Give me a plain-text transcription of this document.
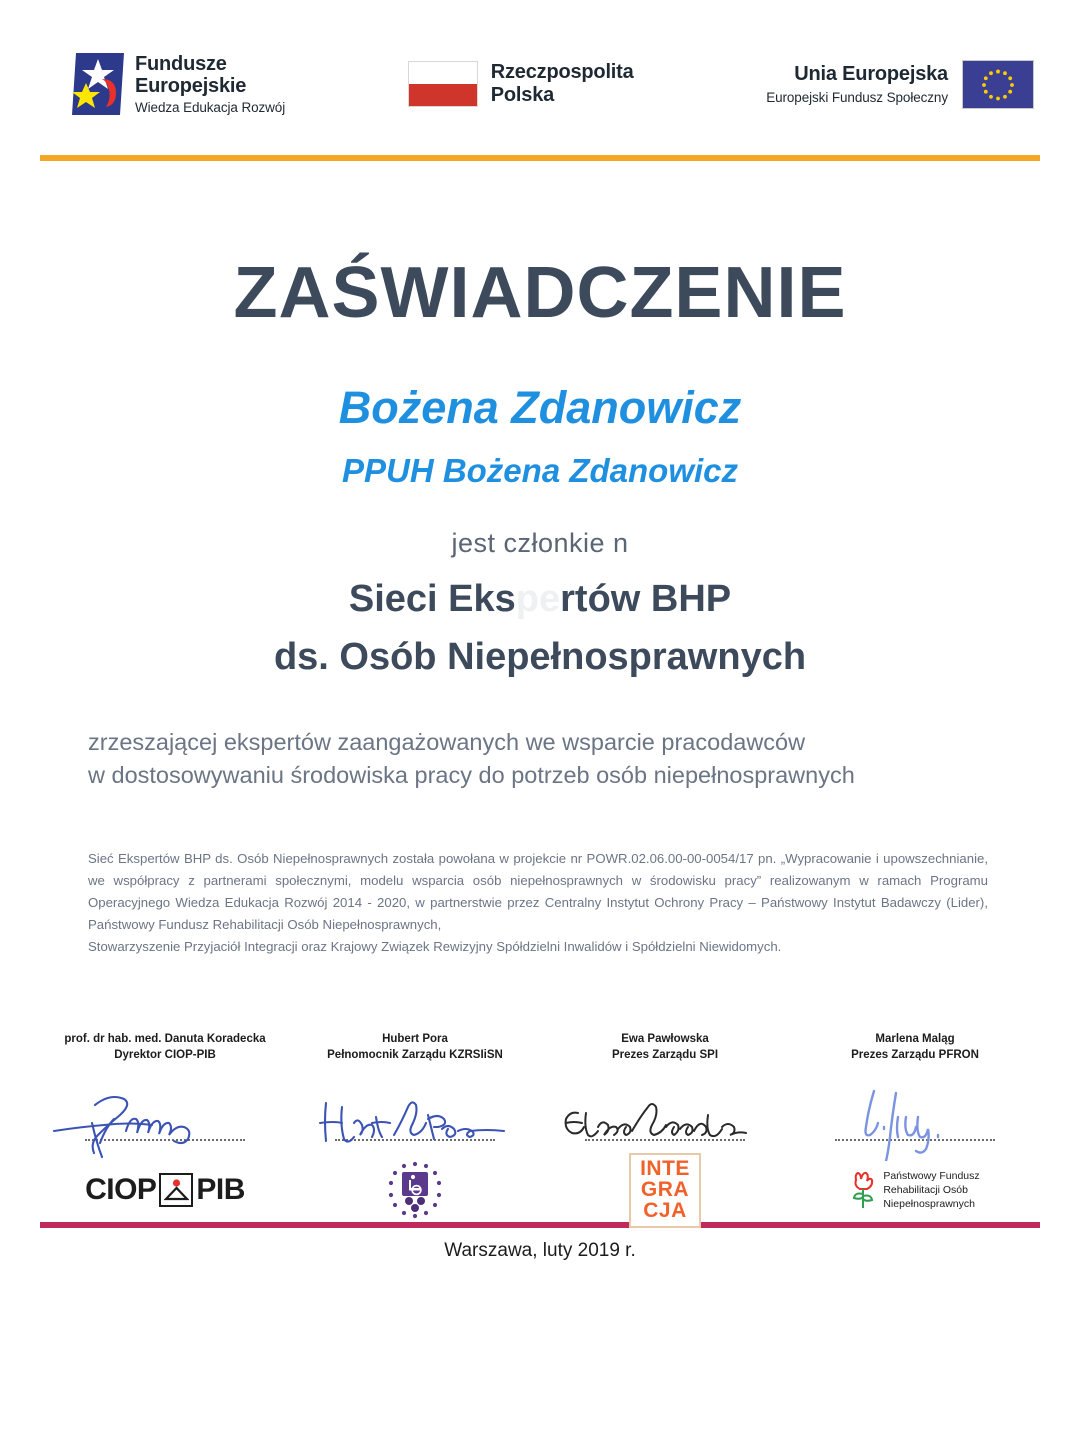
Fundusze
Europejskie
Wiedza Edukacja Rozwój
Rzeczpospolita
Polska
Unia Europejska
Europejski Fundusz Społeczny
ZAŚWIADCZENIE
Bożena Zdanowicz
PPUH Bożena Zdanowicz
jest członkie n
Sieci Ekspertów BHP
ds. Osób Niepełnosprawnych
zrzeszającej ekspertów zaangażowanych we wsparcie pracodawców
w dostosowywaniu środowiska pracy do potrzeb osób niepełnosprawnych
Sieć Ekspertów BHP ds. Osób Niepełnosprawnych została powołana w projekcie nr POWR.02.06.00-00-0054/17 pn. „Wypracowanie i upowszechnianie, we współpracy z partnerami społecznymi, modelu wsparcia osób niepełnosprawnych w środowisku pracy” realizowanym w ramach Programu Operacyjnego Wiedza Edukacja Rozwój 2014 - 2020, w partnerstwie przez Centralny Instytut Ochrony Pracy – Państwowy Instytut Badawczy (Lider), Państwowy Fundusz Rehabilitacji Osób Niepełnosprawnych,
Stowarzyszenie Przyjaciół Integracji oraz Krajowy Związek Rewizyjny Spółdzielni Inwalidów i Spółdzielni Niewidomych.
prof. dr hab. med. Danuta Koradecka
Dyrektor CIOP-PIB
CIOP PIB
Hubert Pora
Pełnomocnik Zarządu KZRSIiSN
Ewa Pawłowska
Prezes Zarządu SPI
INTE
GRA
CJA
Marlena Maląg
Prezes Zarządu PFRON
Państwowy Fundusz
Rehabilitacji Osób
Niepełnosprawnych
Warszawa, luty 2019 r.
